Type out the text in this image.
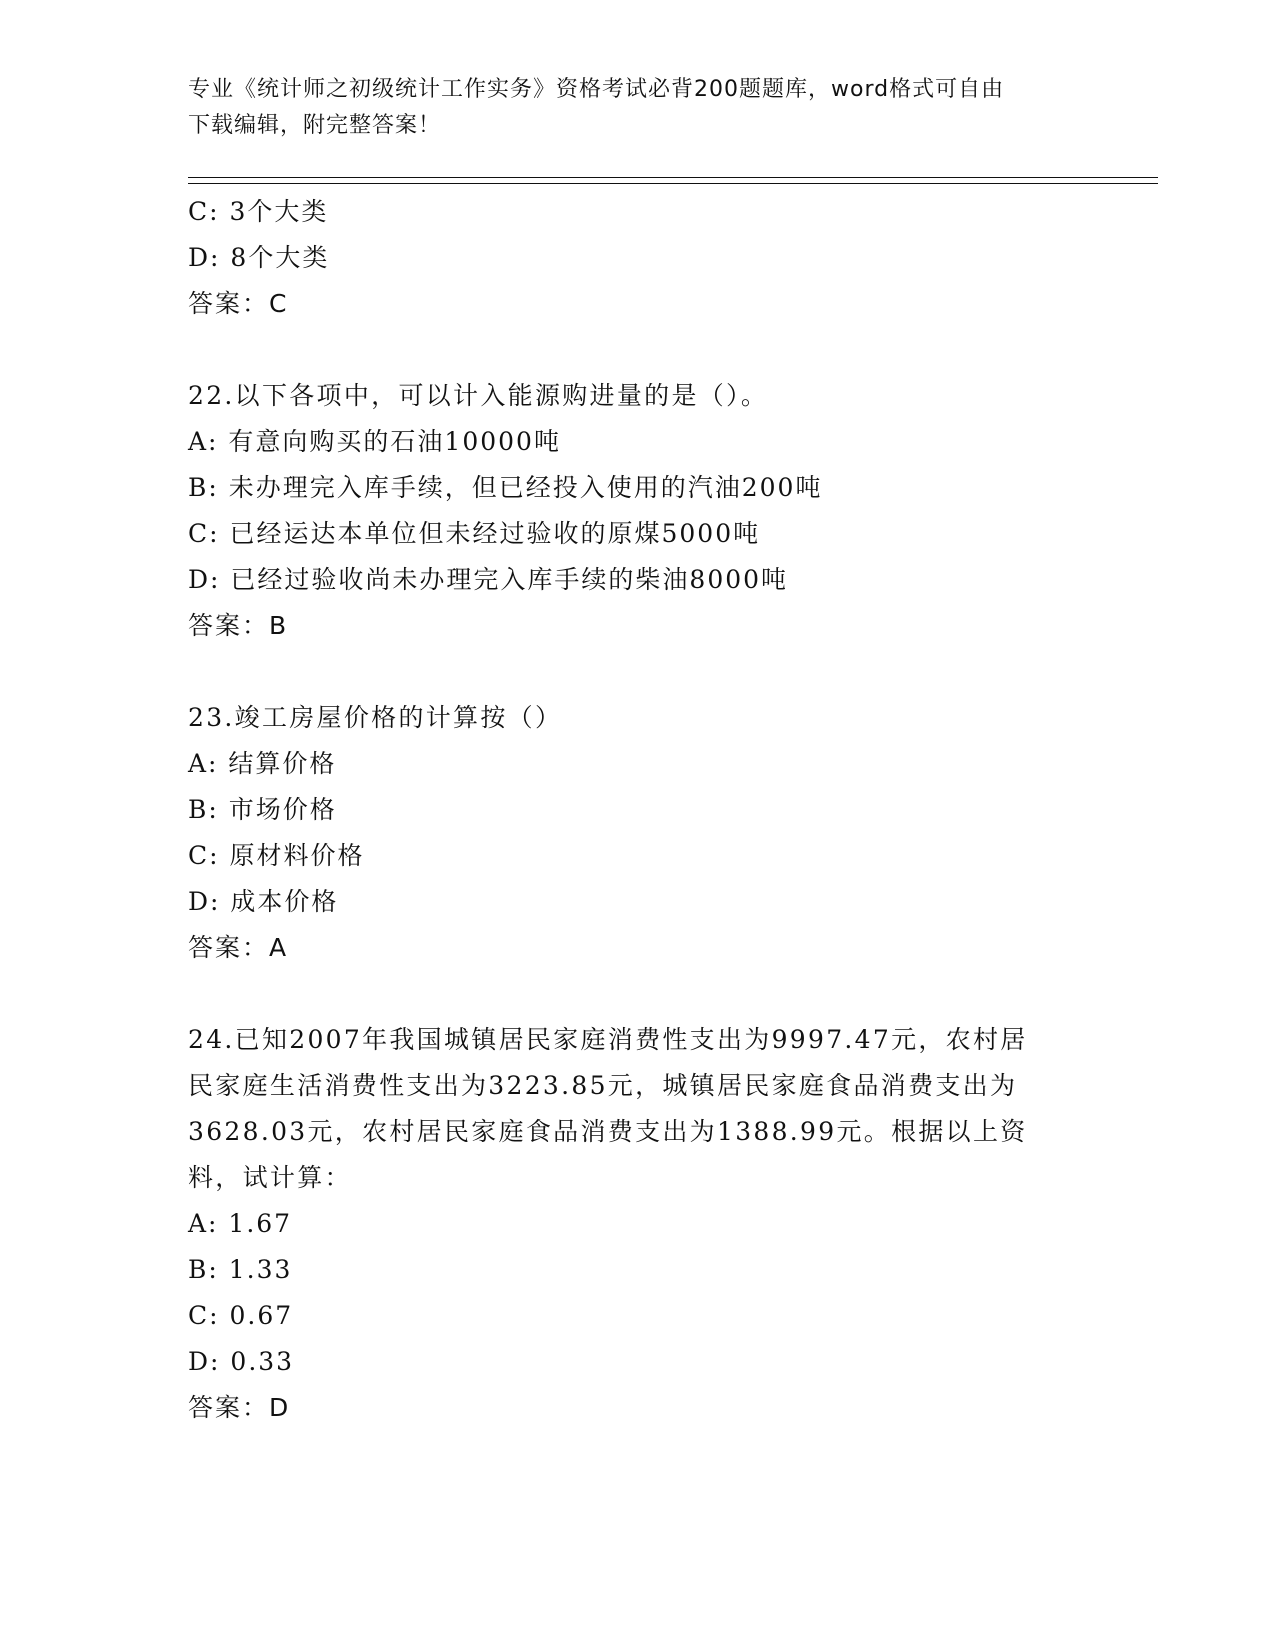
专业《统计师之初级统计工作实务》资格考试必背200题题库，word格式可自由
下载编辑，附完整答案！
C: 3个大类
D: 8个大类
答案：C
22.以下各项中，可以计入能源购进量的是（）。
A: 有意向购买的石油10000吨
B: 未办理完入库手续，但已经投入使用的汽油200吨
C: 已经运达本单位但未经过验收的原煤5000吨
D: 已经过验收尚未办理完入库手续的柴油8000吨
答案：B
23.竣工房屋价格的计算按（）
A: 结算价格
B: 市场价格
C: 原材料价格
D: 成本价格
答案：A
24.已知2007年我国城镇居民家庭消费性支出为9997.47元，农村居
民家庭生活消费性支出为3223.85元，城镇居民家庭食品消费支出为
3628.03元，农村居民家庭食品消费支出为1388.99元。根据以上资
料，试计算：
A: 1.67
B: 1.33
C: 0.67
D: 0.33
答案：D
